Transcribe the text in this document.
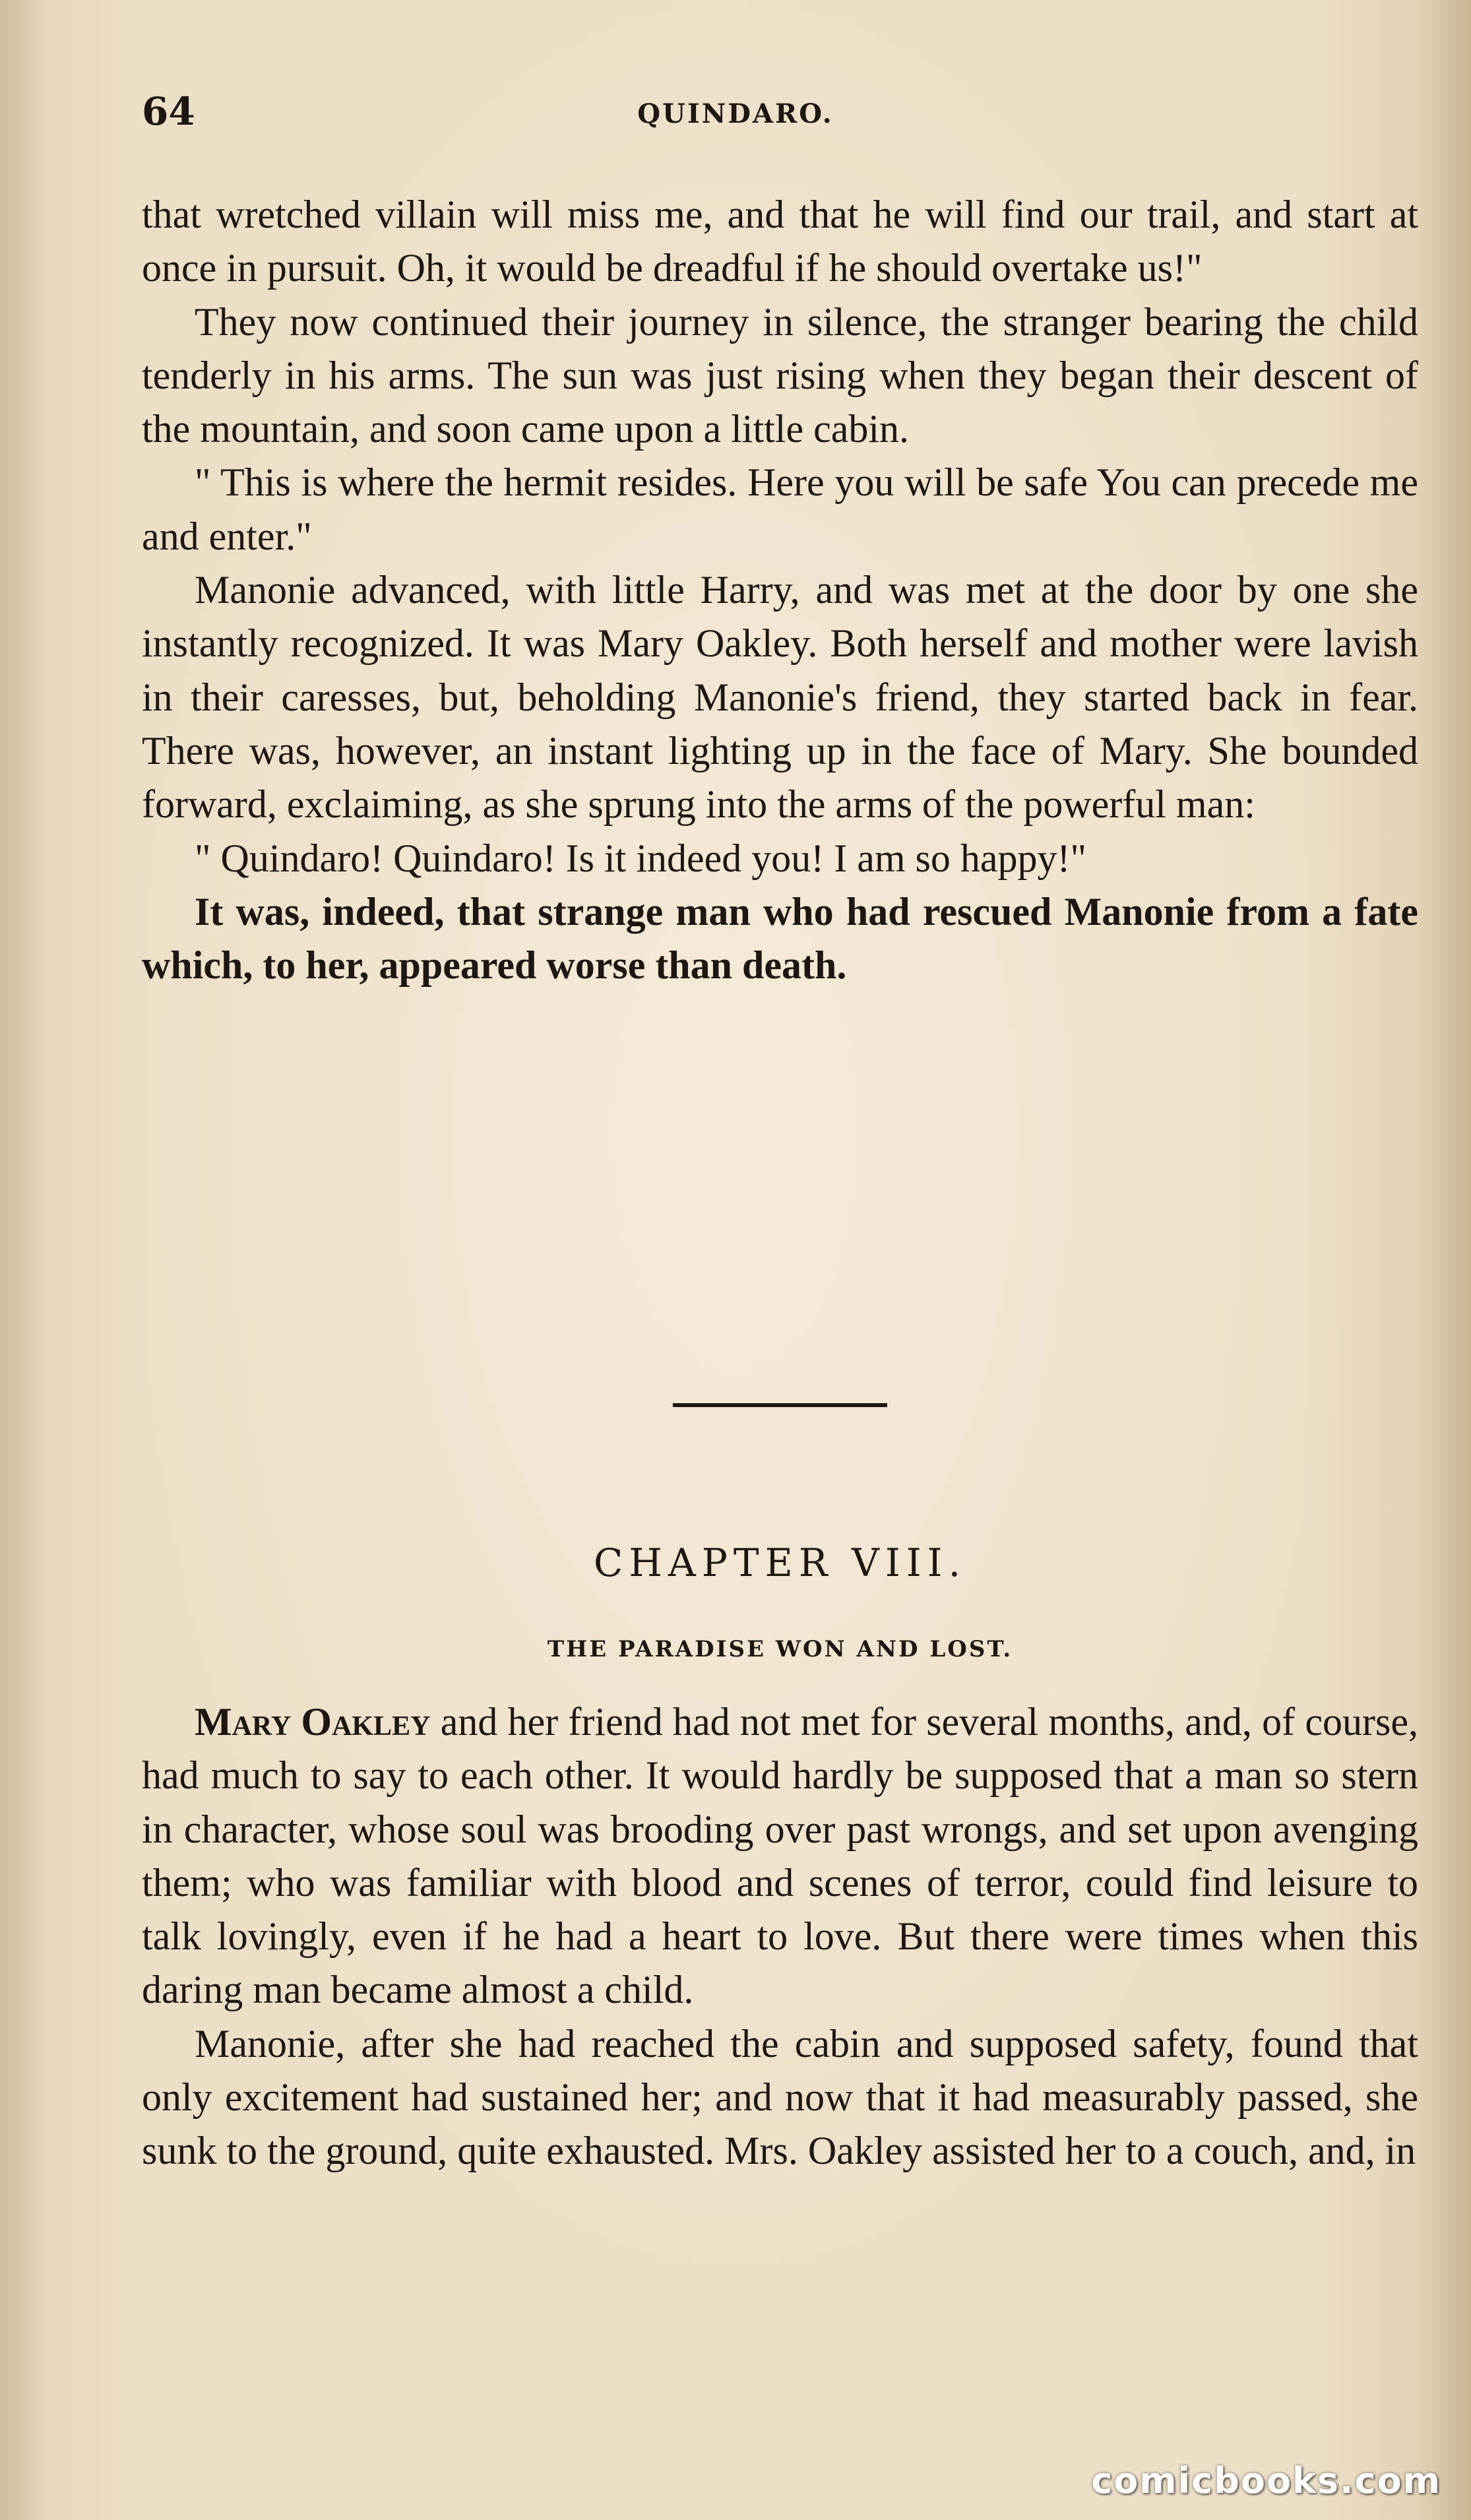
64	QUINDARO.

that wretched villain will miss me, and that he will find our trail, and start at once in pursuit. Oh, it would be dreadful if he should overtake us!"

They now continued their journey in silence, the stranger bearing the child tenderly in his arms. The sun was just rising when they began their descent of the mountain, and soon came upon a little cabin.

" This is where the hermit resides. Here you will be safe You can precede me and enter."

Manonie advanced, with little Harry, and was met at the door by one she instantly recognized. It was Mary Oakley. Both herself and mother were lavish in their caresses, but, beholding Manonie's friend, they started back in fear. There was, however, an instant lighting up in the face of Mary. She bounded forward, exclaiming, as she sprung into the arms of the powerful man:

" Quindaro! Quindaro! Is it indeed you! I am so happy!"

It was, indeed, that strange man who had rescued Manonie from a fate which, to her, appeared worse than death.

CHAPTER VIII.
THE PARADISE WON AND LOST.

Mary Oakley and her friend had not met for several months, and, of course, had much to say to each other. It would hardly be supposed that a man so stern in character, whose soul was brooding over past wrongs, and set upon avenging them; who was familiar with blood and scenes of terror, could find leisure to talk lovingly, even if he had a heart to love. But there were times when this daring man became almost a child.

Manonie, after she had reached the cabin and supposed safety, found that only excitement had sustained her; and now that it had measurably passed, she sunk to the ground, quite exhausted. Mrs. Oakley assisted her to a couch, and, in

comicbooks.com
